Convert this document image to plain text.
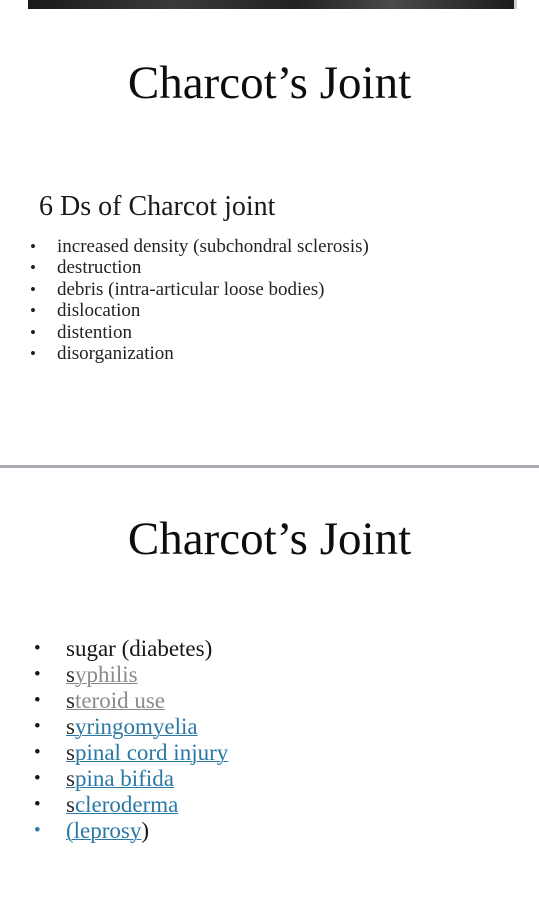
Charcot’s Joint
6 Ds of Charcot joint
• increased density (subchondral sclerosis)
• destruction
• debris (intra-articular loose bodies)
• dislocation
• distention
• disorganization
Charcot’s Joint
• sugar (diabetes)
• syphilis
• steroid use
• syringomyelia
• spinal cord injury
• spina bifida
• scleroderma
• (leprosy)
